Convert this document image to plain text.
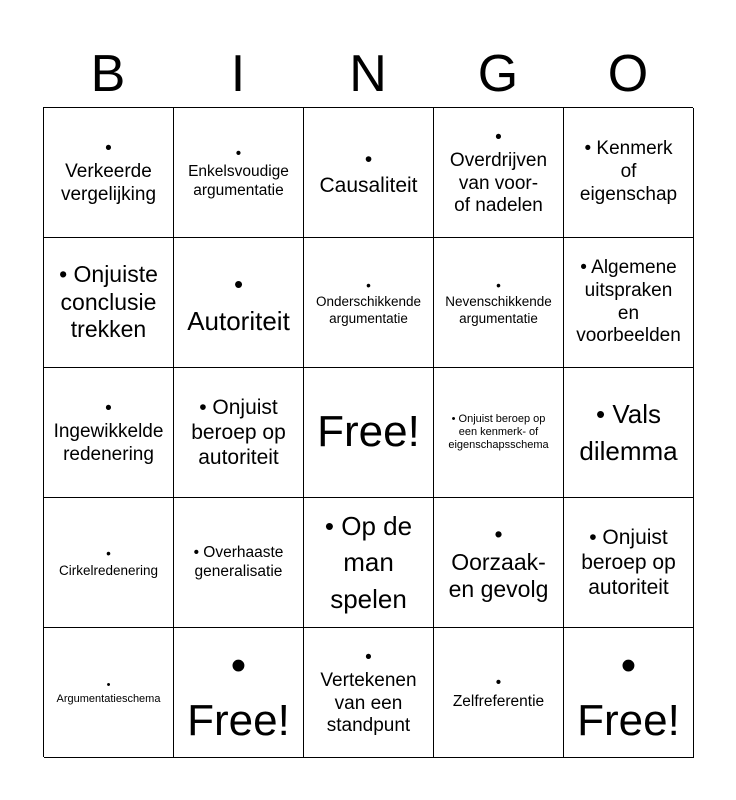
B	I	N	G	O
•
Verkeerde
vergelijking
•
Enkelsvoudige
argumentatie
•
Causaliteit
•
Overdrijven
van voor-
of nadelen
• Kenmerk
of
eigenschap
• Onjuiste
conclusie
trekken
•
Autoriteit
•
Onderschikkende
argumentatie
•
Nevenschikkende
argumentatie
• Algemene
uitspraken
en
voorbeelden
•
Ingewikkelde
redenering
• Onjuist
beroep op
autoriteit
Free!	• Onjuist beroep op
een kenmerk- of
eigenschapsschema
• Vals
dilemma
•
Cirkelredenering
• Overhaaste
generalisatie
• Op de
man
spelen
•
Oorzaak-
en gevolg
• Onjuist
beroep op
autoriteit
•
Argumentatieschema
•
Free!
•
Vertekenen
van een
standpunt
•
Zelfreferentie
•
Free!
